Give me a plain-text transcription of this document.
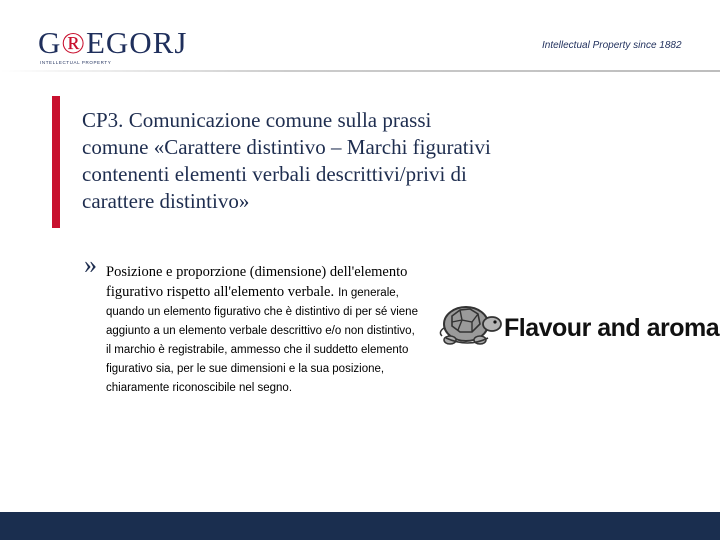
G®EGORJ
INTELLECTUAL PROPERTY
Intellectual Property since 1882
CP3. Comunicazione comune sulla prassi comune «Carattere distintivo – Marchi figurativi contenenti elementi verbali descrittivi/privi di carattere distintivo»
» Posizione e proporzione (dimensione) dell'elemento figurativo rispetto all'elemento verbale. In generale, quando un elemento figurativo che è distintivo di per sé viene aggiunto a un elemento verbale descrittivo e/o non distintivo, il marchio è registrabile, ammesso che il suddetto elemento figurativo sia, per le sue dimensioni e la sua posizione, chiaramente riconoscibile nel segno.
Flavour and aroma
